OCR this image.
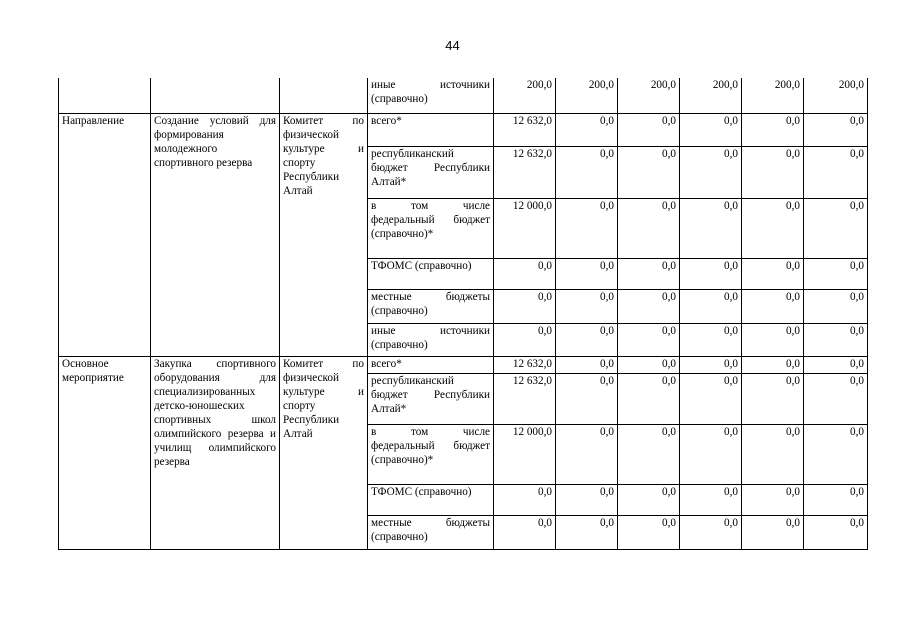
44
			иные источники (справочно)	200,0	200,0	200,0	200,0	200,0	200,0
Направление	Создание условий для формирования молодежного спортивного резерва	Комитет по физической культуре и спорту Республики Алтай	всего*	12 632,0	0,0	0,0	0,0	0,0	0,0
			республиканский бюджет Республики Алтай*	12 632,0	0,0	0,0	0,0	0,0	0,0
			в том числе федеральный бюджет (справочно)*	12 000,0	0,0	0,0	0,0	0,0	0,0
			ТФОМС (справочно)	0,0	0,0	0,0	0,0	0,0	0,0
			местные бюджеты (справочно)	0,0	0,0	0,0	0,0	0,0	0,0
			иные источники (справочно)	0,0	0,0	0,0	0,0	0,0	0,0
Основное мероприятие	Закупка спортивного оборудования для специализированных детско-юношеских спортивных школ олимпийского резерва и училищ олимпийского резерва	Комитет по физической культуре и спорту Республики Алтай	всего*	12 632,0	0,0	0,0	0,0	0,0	0,0
			республиканский бюджет Республики Алтай*	12 632,0	0,0	0,0	0,0	0,0	0,0
			в том числе федеральный бюджет (справочно)*	12 000,0	0,0	0,0	0,0	0,0	0,0
			ТФОМС (справочно)	0,0	0,0	0,0	0,0	0,0	0,0
			местные бюджеты (справочно)	0,0	0,0	0,0	0,0	0,0	0,0
